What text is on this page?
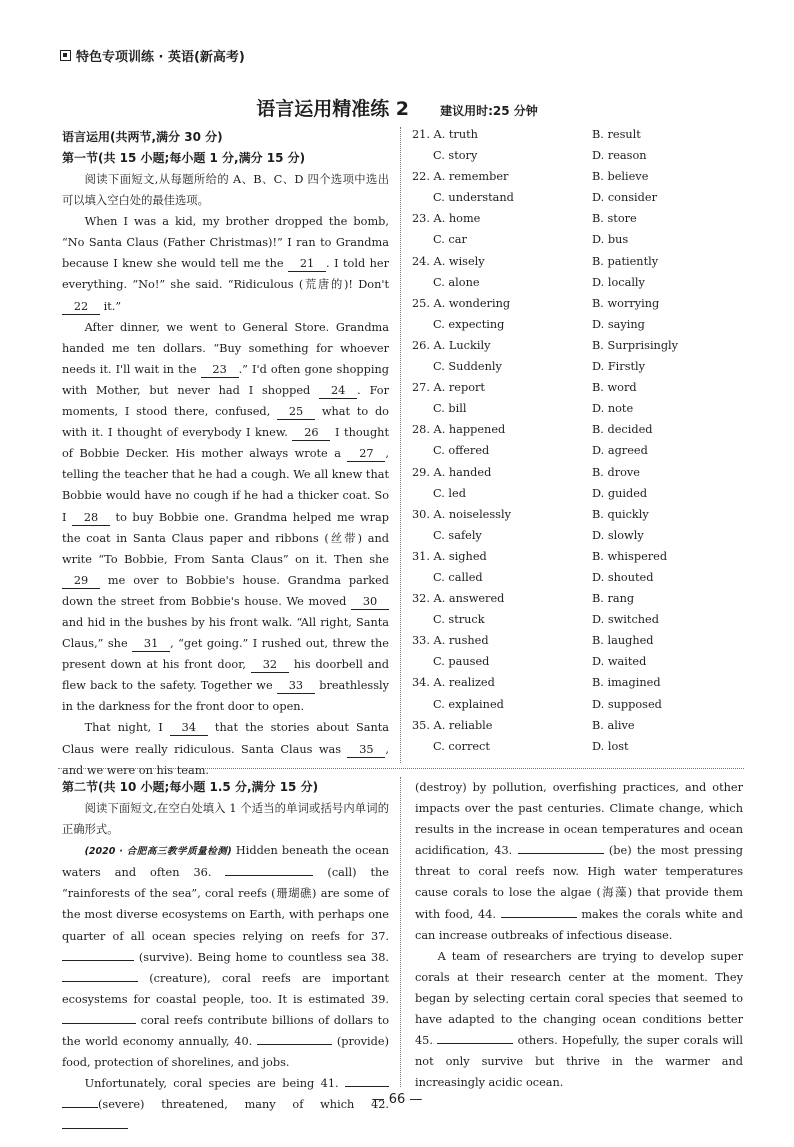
特色专项训练 · 英语(新高考)
语言运用精准练 2	建议用时:25 分钟
语言运用(共两节,满分 30 分)
第一节(共 15 小题;每小题 1 分,满分 15 分)
阅读下面短文,从每题所给的 A、B、C、D 四个选项中选出可以填入空白处的最佳选项。
When I was a kid, my brother dropped the bomb, “No Santa Claus (Father Christmas)!” I ran to Grandma because I knew she would tell me the 21 . I told her everything. “No!” she said. “Ridiculous (荒唐的)! Don't 22 it.”
After dinner, we went to General Store. Grandma handed me ten dollars. “Buy something for whoever needs it. I'll wait in the 23 .” I'd often gone shopping with Mother, but never had I shopped 24 . For moments, I stood there, confused, 25 what to do with it. I thought of everybody I knew. 26 I thought of Bobbie Decker. His mother always wrote a 27 , telling the teacher that he had a cough. We all knew that Bobbie would have no cough if he had a thicker coat. So I 28 to buy Bobbie one. Grandma helped me wrap the coat in Santa Claus paper and ribbons (丝带) and write “To Bobbie, From Santa Claus” on it. Then she 29 me over to Bobbie's house. Grandma parked down the street from Bobbie's house. We moved 30 and hid in the bushes by his front walk. “All right, Santa Claus,” she 31 , “get going.” I rushed out, threw the present down at his front door, 32 his doorbell and flew back to the safety. Together we 33 breathlessly in the darkness for the front door to open.
That night, I 34 that the stories about Santa Claus were really ridiculous. Santa Claus was 35 , and we were on his team.
21. A. truth	B. result
C. story	D. reason
22. A. remember	B. believe
C. understand	D. consider
23. A. home	B. store
C. car	D. bus
24. A. wisely	B. patiently
C. alone	D. locally
25. A. wondering	B. worrying
C. expecting	D. saying
26. A. Luckily	B. Surprisingly
C. Suddenly	D. Firstly
27. A. report	B. word
C. bill	D. note
28. A. happened	B. decided
C. offered	D. agreed
29. A. handed	B. drove
C. led	D. guided
30. A. noiselessly	B. quickly
C. safely	D. slowly
31. A. sighed	B. whispered
C. called	D. shouted
32. A. answered	B. rang
C. struck	D. switched
33. A. rushed	B. laughed
C. paused	D. waited
34. A. realized	B. imagined
C. explained	D. supposed
35. A. reliable	B. alive
C. correct	D. lost
第二节(共 10 小题;每小题 1.5 分,满分 15 分)
阅读下面短文,在空白处填入 1 个适当的单词或括号内单词的正确形式。
(2020 · 合肥高三教学质量检测) Hidden beneath the ocean waters and often 36.	(call) the “rainforests of the sea”, coral reefs (珊瑚礁) are some of the most diverse ecosystems on Earth, with perhaps one quarter of all ocean species relying on reefs for 37.  (survive). Being home to countless sea 38.  (creature), coral reefs are important ecosystems for coastal people, too. It is estimated 39.  coral reefs contribute billions of dollars to the world economy annually, 40.	(provide) food, protection of shorelines, and jobs.
Unfortunately, coral species are being 41.  (severe) threatened, many of which 42.
(destroy) by pollution, overfishing practices, and other impacts over the past centuries. Climate change, which results in the increase in ocean temperatures and ocean acidification, 43.	(be) the most pressing threat to coral reefs now. High water temperatures cause corals to lose the algae (海藻) that provide them with food, 44.	makes the corals white and can increase outbreaks of infectious disease.
A team of researchers are trying to develop super corals at their research center at the moment. They began by selecting certain coral species that seemed to have adapted to the changing ocean conditions better 45.	others. Hopefully, the super corals will not only survive but thrive in the warmer and increasingly acidic ocean.
— 66 —
